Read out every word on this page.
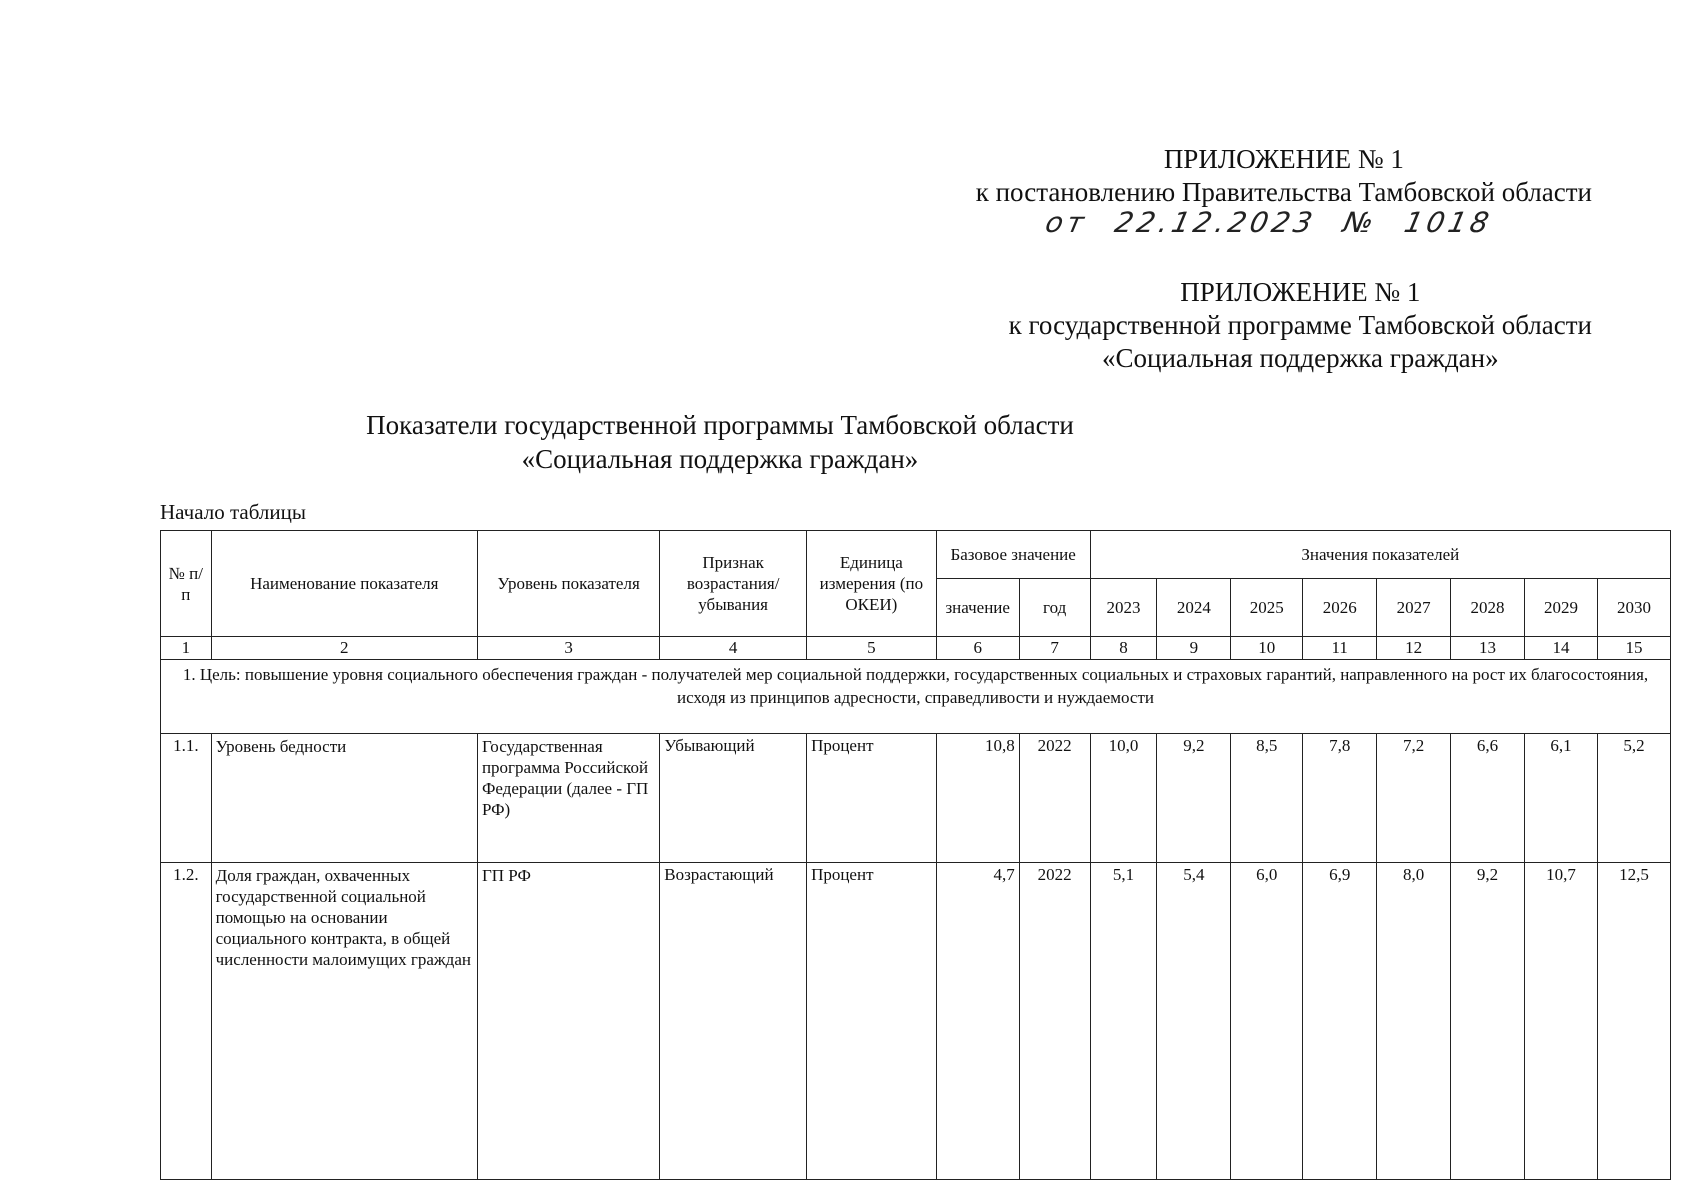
ПРИЛОЖЕНИЕ № 1
к постановлению Правительства Тамбовской области
от 22.12.2023 № 1018
ПРИЛОЖЕНИЕ № 1
к государственной программе Тамбовской области
«Социальная поддержка граждан»
Показатели государственной программы Тамбовской области
«Социальная поддержка граждан»
Начало таблицы
№ п/п	Наименование показателя	Уровень показателя	Признак возрастания/ убывания	Единица измерения (по ОКЕИ)	Базовое значение		Значения показателей							
					значение	год	2023	2024	2025	2026	2027	2028	2029	2030
1	2	3	4	5	6	7	8	9	10	11	12	13	14	15
1. Цель: повышение уровня социального обеспечения граждан - получателей мер социальной поддержки, государственных социальных и страховых гарантий, направленного на рост их благосостояния, исходя из принципов адресности, справедливости и нуждаемости														
1.1.	Уровень бедности	Государственная программа Российской Федерации (далее - ГП РФ)	Убывающий	Процент	10,8	2022	10,0	9,2	8,5	7,8	7,2	6,6	6,1	5,2
1.2.	Доля граждан, охваченных государственной социальной помощью на основании социального контракта, в общей численности малоимущих граждан	ГП РФ	Возрастающий	Процент	4,7	2022	5,1	5,4	6,0	6,9	8,0	9,2	10,7	12,5
